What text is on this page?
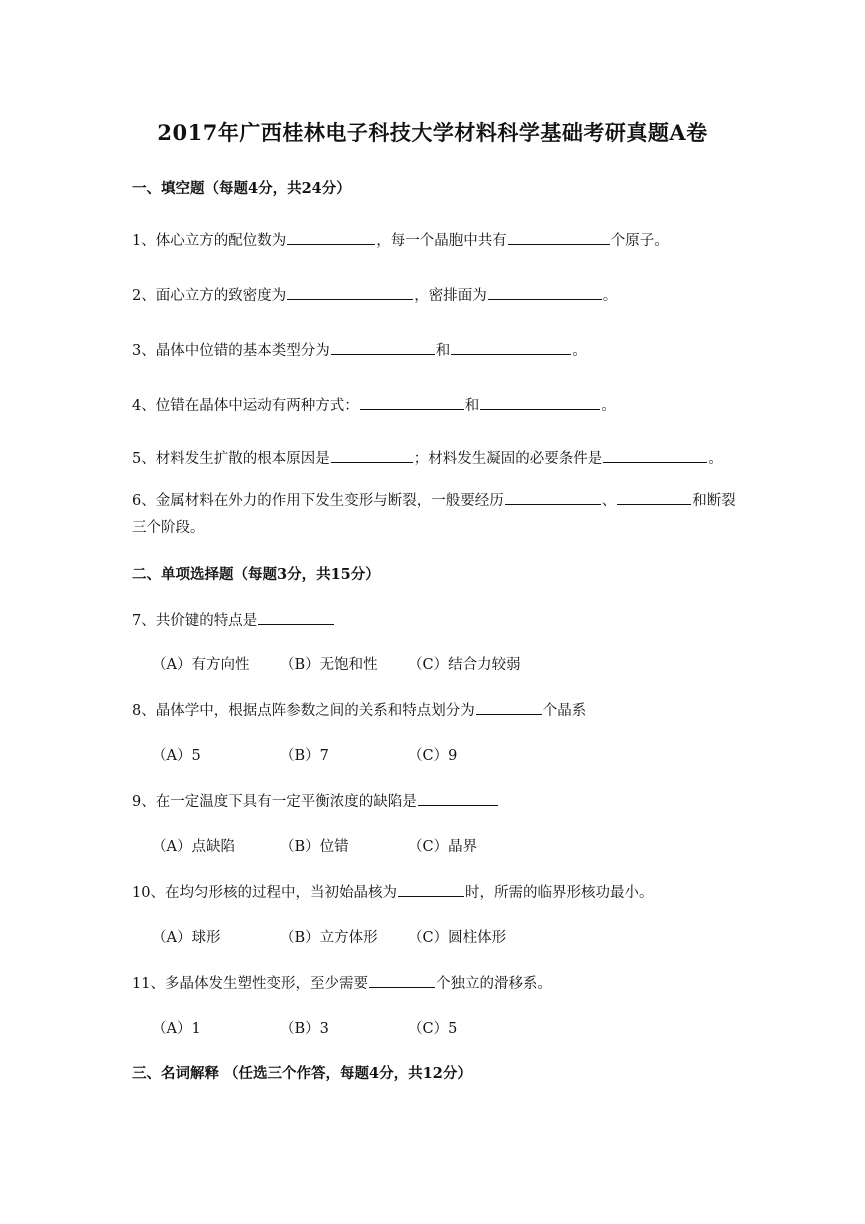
2017年广西桂林电子科技大学材料科学基础考研真题A卷
一、填空题（每题4分，共24分）
1、体心立方的配位数为	，每一个晶胞中共有	个原子。
2、面心立方的致密度为	，密排面为	。
3、晶体中位错的基本类型分为	和	。
4、位错在晶体中运动有两种方式：	和	。
5、材料发生扩散的根本原因是	；材料发生凝固的必要条件是	。
6、金属材料在外力的作用下发生变形与断裂，一般要经历	、	和断裂三个阶段。
二、单项选择题（每题3分，共15分）
7、共价键的特点是
（A）有方向性 （B）无饱和性 （C）结合力较弱
8、晶体学中，根据点阵参数之间的关系和特点划分为	个晶系
（A）5	（B）7	（C）9
9、在一定温度下具有一定平衡浓度的缺陷是
（A）点缺陷	（B）位错	（C）晶界
10、在均匀形核的过程中，当初始晶核为	时，所需的临界形核功最小。
（A）球形	（B）立方体形 （C）圆柱体形
11、多晶体发生塑性变形，至少需要	个独立的滑移系。
（A）1	（B）3	（C）5
三、名词解释 （任选三个作答，每题4分，共12分）
